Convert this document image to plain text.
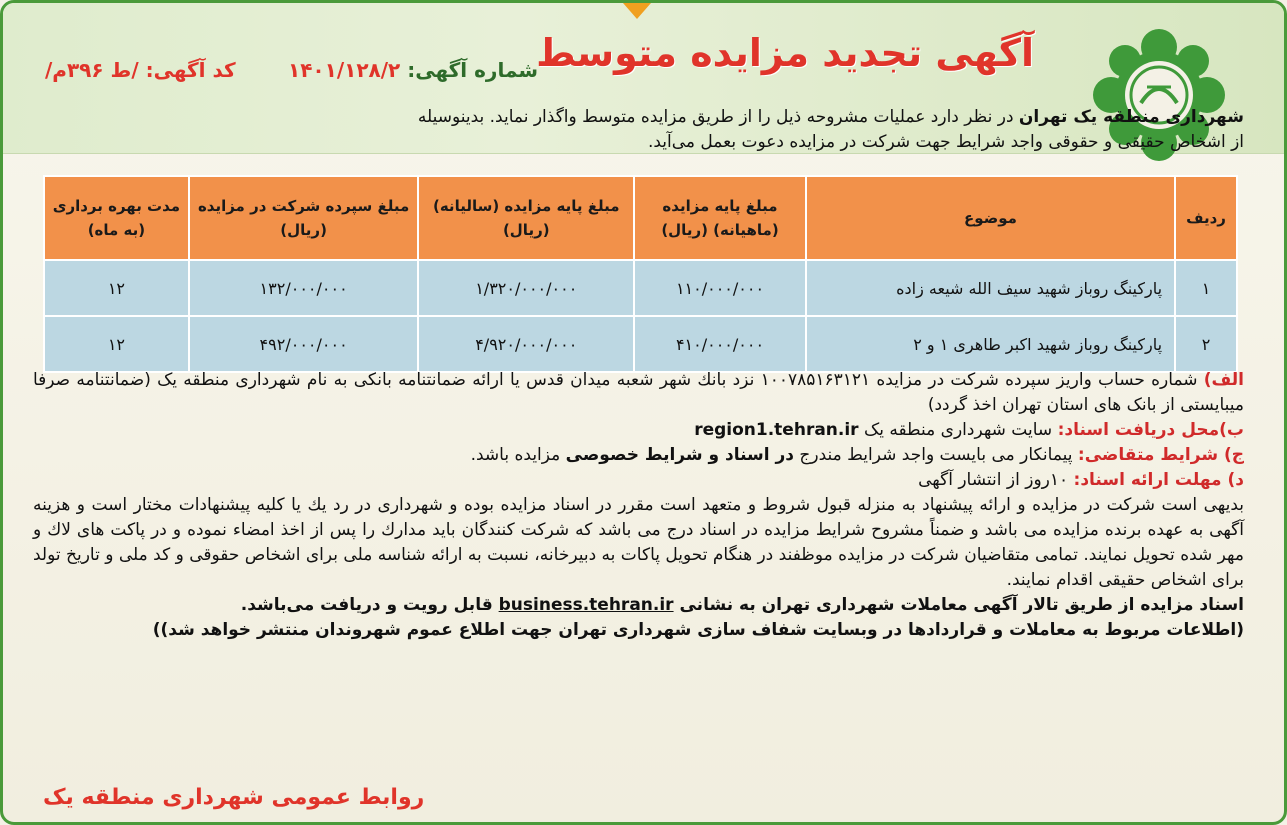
آگهی تجدید مزایده متوسط
شماره آگهی: ۱۴۰۱/۱۲۸/۲
کد آگهی: /ط ۳۹۶م/
شهرداری منطقه یک تهران در نظر دارد عملیات مشروحه ذیل را از طریق مزایده متوسط واگذار نماید. بدینوسیله
از اشخاص حقیقی و حقوقی واجد شرایط جهت شرکت در مزایده دعوت بعمل می‌آید.
ردیف	موضوع	مبلغ پایه مزایده (ماهیانه) (ریال)	مبلغ پایه مزایده (سالیانه) (ریال)	مبلغ سپرده شرکت در مزایده (ریال)	مدت بهره برداری (به ماه)
۱	پارکینگ روباز شهید سیف الله شیعه زاده	۱۱۰/۰۰۰/۰۰۰	۱/۳۲۰/۰۰۰/۰۰۰	۱۳۲/۰۰۰/۰۰۰	۱۲
۲	پارکینگ روباز شهید اکبر طاهری ۱ و ۲	۴۱۰/۰۰۰/۰۰۰	۴/۹۲۰/۰۰۰/۰۰۰	۴۹۲/۰۰۰/۰۰۰	۱۲

الف) شماره حساب واریز سپرده شرکت در مزایده ۱۰۰۷۸۵۱۶۳۱۲۱ نزد بانك شهر شعبه میدان قدس یا ارائه ضمانتنامه بانکی به نام شهرداری منطقه یک (ضمانتنامه صرفا میبایستی از بانک های استان تهران اخذ گردد)

ب)محل دریافت اسناد: سایت شهرداری منطقه یک region1.tehran.ir

ج) شرایط متقاضی: پیمانکار می بایست واجد شرایط مندرج در اسناد و شرایط خصوصی مزایده باشد.

د) مهلت ارائه اسناد: ۱۰روز از انتشار آگهی

بدیهی است شرکت در مزایده و ارائه پیشنهاد به منزله قبول شروط و متعهد است مقرر در اسناد مزایده بوده و شهرداری در رد یك یا کلیه پیشنهادات مختار است و هزینه آگهی به عهده برنده مزایده می باشد و ضمناً مشروح شرایط مزایده در اسناد درج می باشد که شرکت کنندگان باید مدارك را پس از اخذ امضاء نموده و در پاکت های لاك و مهر شده تحویل نمایند. تمامی متقاضیان شرکت در مزایده موظفند در هنگام تحویل پاکات به دبیرخانه، نسبت به ارائه شناسه ملی برای اشخاص حقوقی و کد ملی و تاریخ تولد برای اشخاص حقیقی اقدام نمایند.

اسناد مزایده از طریق تالار آگهی معاملات شهرداری تهران به نشانی business.tehran.ir قابل رویت و دریافت می‌باشد.

(اطلاعات مربوط به معاملات و قراردادها در وبسایت شفاف سازی شهرداری تهران جهت اطلاع عموم شهروندان منتشر خواهد شد))

روابط عمومی شهرداری منطقه یک
